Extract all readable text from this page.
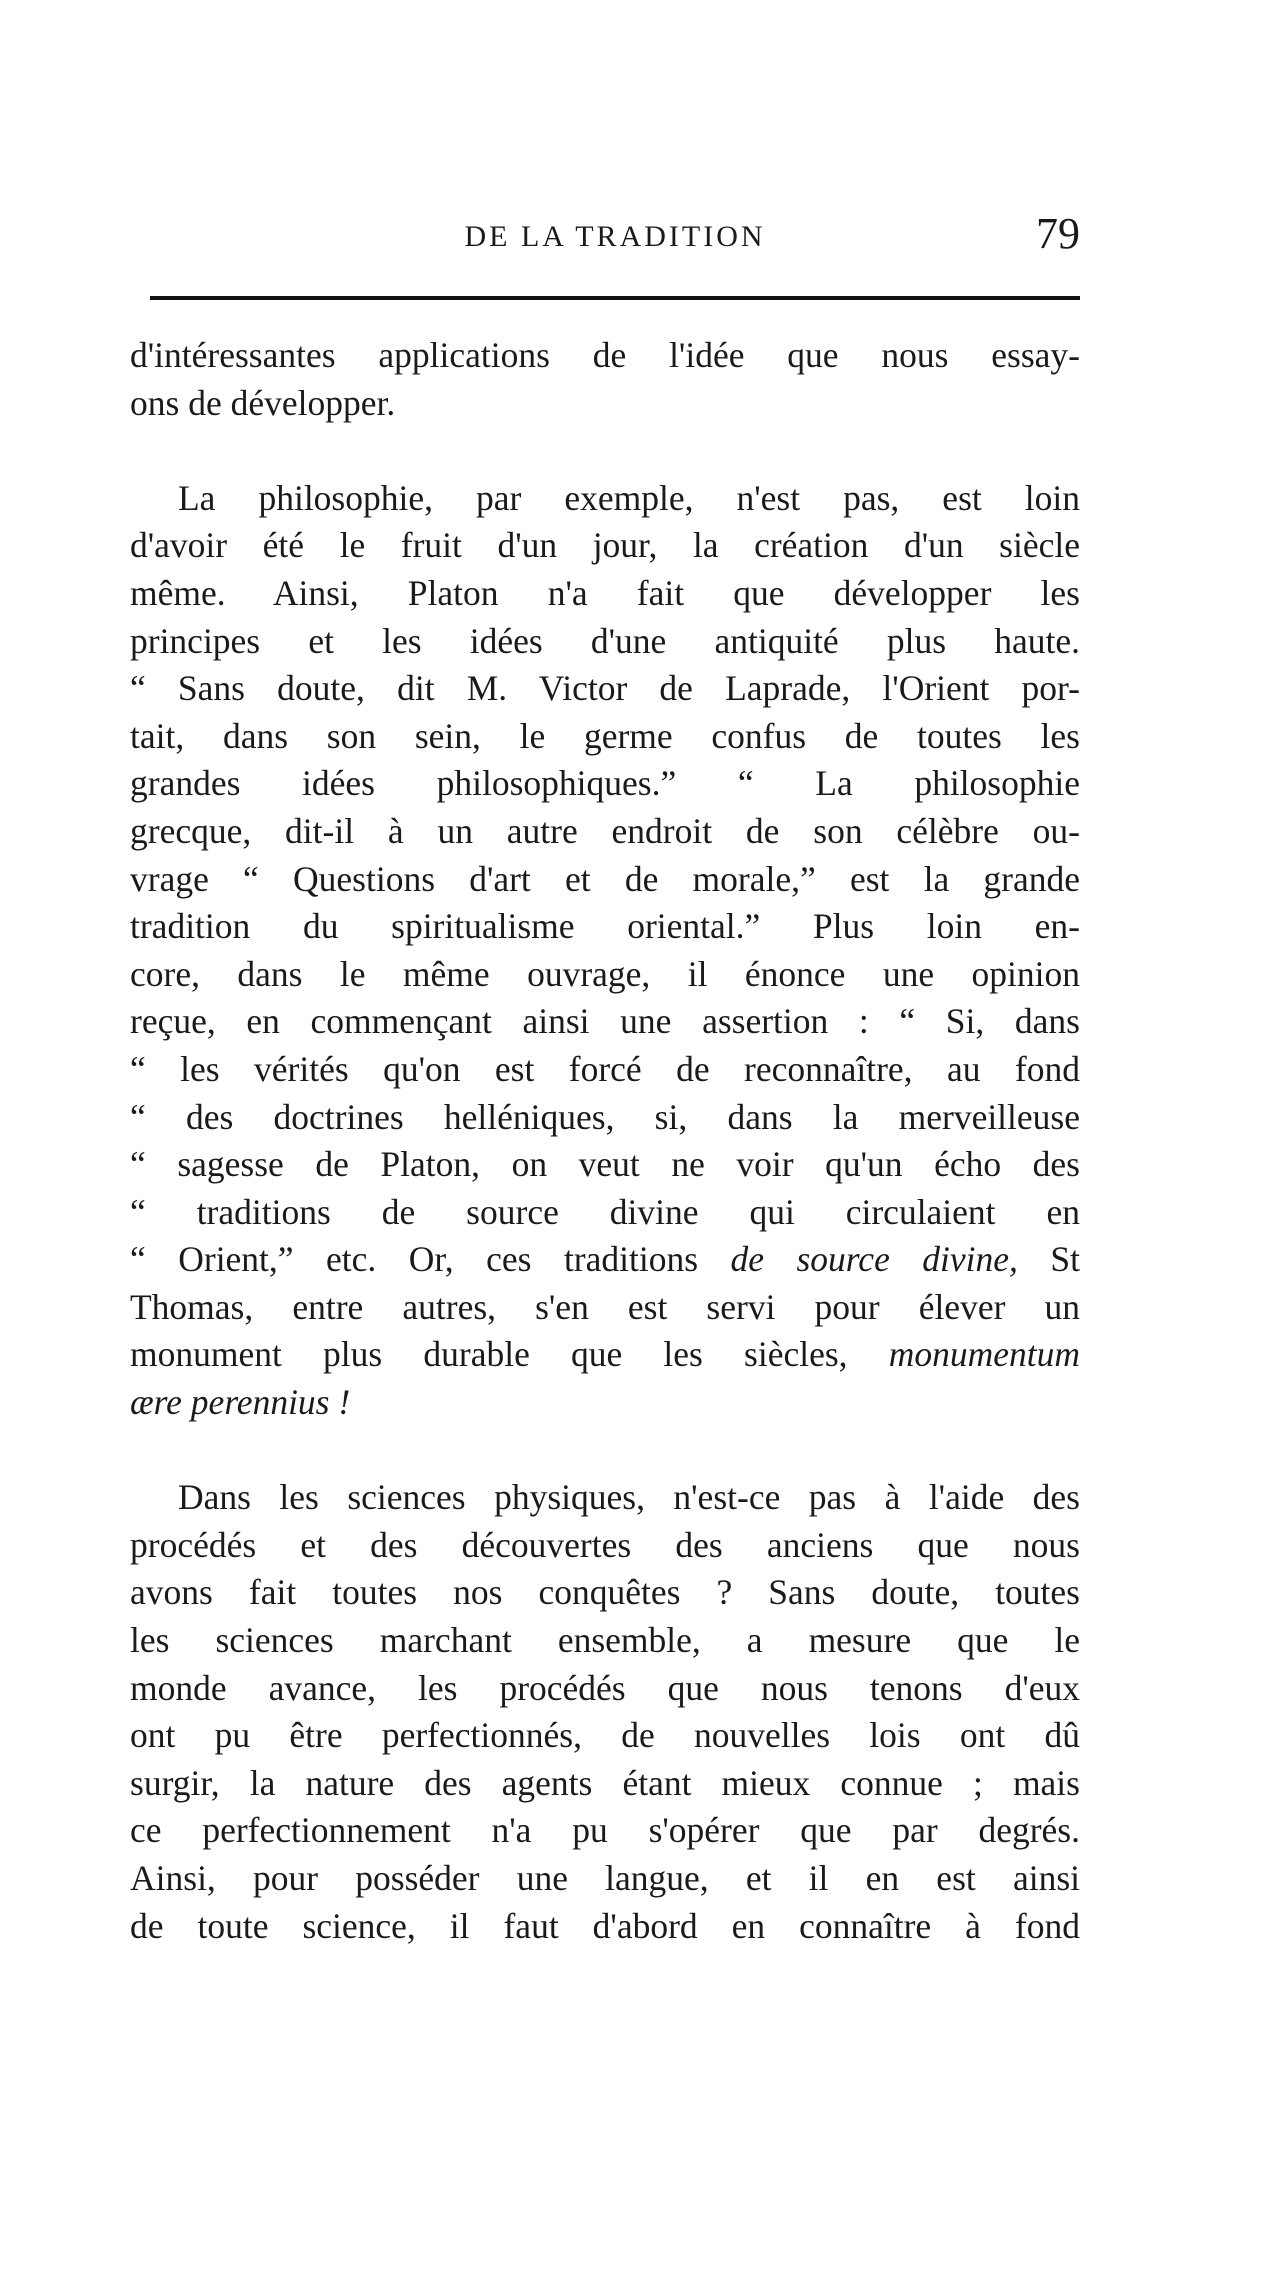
DE LA TRADITION	79
d'intéressantes applications de l'idée que nous essay-
ons de développer.
La philosophie, par exemple, n'est pas, est loin
d'avoir été le fruit d'un jour, la création d'un siècle
même. Ainsi, Platon n'a fait que développer les
principes et les idées d'une antiquité plus haute.
“ Sans doute, dit M. Victor de Laprade, l'Orient por-
tait, dans son sein, le germe confus de toutes les
grandes idées philosophiques.” “ La philosophie
grecque, dit-il à un autre endroit de son célèbre ou-
vrage “ Questions d'art et de morale,” est la grande
tradition du spiritualisme oriental.” Plus loin en-
core, dans le même ouvrage, il énonce une opinion
reçue, en commençant ainsi une assertion : “ Si, dans
“ les vérités qu'on est forcé de reconnaître, au fond
“ des doctrines helléniques, si, dans la merveilleuse
“ sagesse de Platon, on veut ne voir qu'un écho des
“ traditions de source divine qui circulaient en
“ Orient,” etc. Or, ces traditions de source divine, St
Thomas, entre autres, s'en est servi pour élever un
monument plus durable que les siècles, monumentum
ære perennius !
Dans les sciences physiques, n'est-ce pas à l'aide des
procédés et des découvertes des anciens que nous
avons fait toutes nos conquêtes ? Sans doute, toutes
les sciences marchant ensemble, a mesure que le
monde avance, les procédés que nous tenons d'eux
ont pu être perfectionnés, de nouvelles lois ont dû
surgir, la nature des agents étant mieux connue ; mais
ce perfectionnement n'a pu s'opérer que par degrés.
Ainsi, pour posséder une langue, et il en est ainsi
de toute science, il faut d'abord en connaître à fond
